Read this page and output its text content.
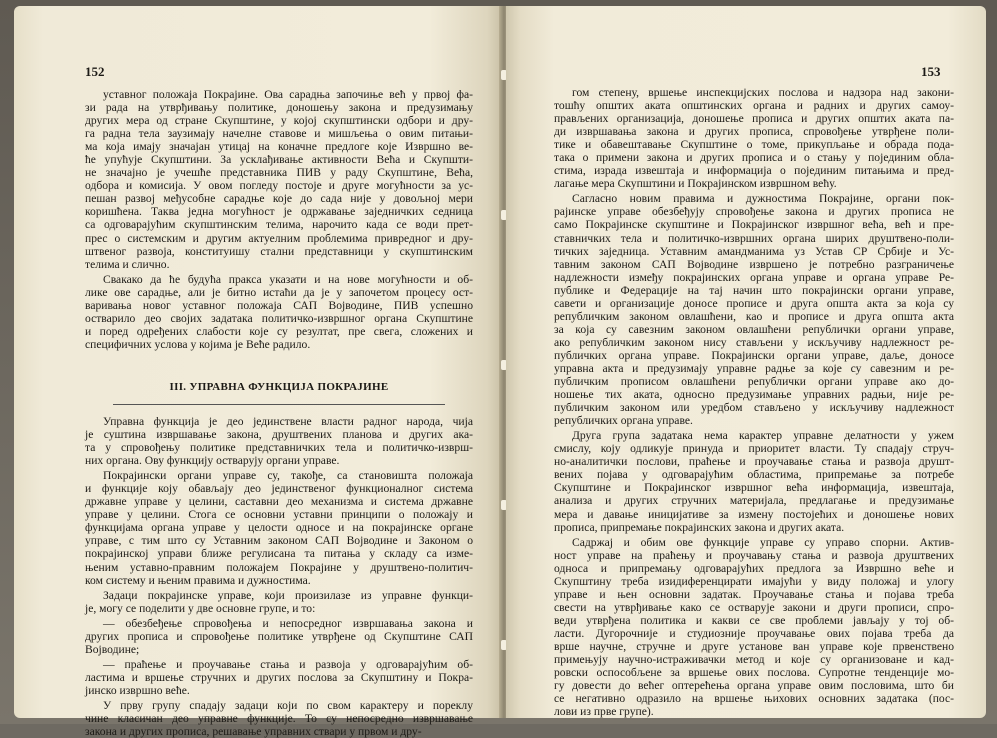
152
уставног положаја Покрајине. Ова сарадња започиње већ у првој фа-
зи рада на утврђивању политике, доношењу закона и предузимању
других мера од стране Скупштине, у којој скупштински одбори и дру-
га радна тела заузимају начелне ставове и мишљења о овим питањи-
ма која имају значајан утицај на коначне предлоге које Извршно ве-
ће упућује Скупштини. За усклађивање активности Већа и Скупшти-
не значајно је учешће представника ПИВ у раду Скупштине, Већа,
одбора и комисија. У овом погледу постоје и друге могућности за ус-
пешан развој међусобне сарадње које до сада није у довољној мери
коришћена. Таква једна могућност је одржавање заједничких седница
са одговарајућим скупштинским телима, нарочито када се води прет-
прес о системским и другим актуелним проблемима привредног и дру-
штвеног развоја, конституишу стални представници у скупштинским
телима и слично.
Свакако да ће будућа пракса указати и на нове могућности и об-
лике ове сарадње, али је битно истаћи да је у започетом процесу ост-
варивања новог уставног положаја САП Војводине, ПИВ успешно
остварило део својих задатака политичко-извршног органа Скупштине
и поред одређених слабости које су резултат, пре свега, сложених и
специфичних услова у којима је Веће радило.
III. УПРАВНА ФУНКЦИЈА ПОКРАЈИНЕ
Управна функција је део јединствене власти радног народа, чија
је суштина извршавање закона, друштвених планова и других ака-
та у спровођењу политике представничких тела и политичко-изврш-
них органа. Ову функцију остварују органи управе.
Покрајински органи управе су, такође, са становишта положаја
и функције коју обављају део јединственог функционалног система
државне управе у целини, саставни део механизма и система државне
управе у целини. Стога се основни уставни принципи о положају и
функцијама органа управе у целости односе и на покрајинске органе
управе, с тим што су Уставним законом САП Војводине и Законом о
покрајинској управи ближе регулисана та питања у складу са изме-
њеним уставно-правним положајем Покрајине у друштвено-политич-
ком систему и њеним правима и дужностима.
Задаци покрајинске управе, који произилазе из управне функци-
је, могу се поделити у две основне групе, и то:
— обезбеђење спровођења и непосредног извршавања закона и
других прописа и спровођење политике утврђене од Скупштине САП
Војводине;
— праћење и проучавање стања и развоја у одговарајућим об-
ластима и вршење стручних и других послова за Скупштину и Покра-
јинско извршно веће.
У прву групу спадају задаци који по свом карактеру и пореклу
чине класичан део управне функције. То су непосредно извршавање
закона и других прописа, решавање управних ствари у првом и дру-
153
гом степену, вршење инспекцијских послова и надзора над закони-
тошћу општих аката општинских органа и радних и других самоу-
прављених организација, доношење прописа и других општих аката па-
ди извршавања закона и других прописа, спровођење утврђене поли-
тике и обавештавање Скупштине о томе, прикупљање и обрада пода-
така о примени закона и других прописа и о стању у појединим обла-
стима, израда извештаја и информација о појединим питањима и пред-
лагање мера Скупштини и Покрајинском извршном већу.
Сагласно новим правима и дужностима Покрајине, органи пок-
рајинске управе обезбеђују спровођење закона и других прописа не
само Покрајинске скупштине и Покрајинског извршног већа, већ и пре-
ставничких тела и политичко-извршних органа ширих друштвено-поли-
тичких заједница. Уставним амандманима уз Устав СР Србије и Ус-
тавним законом САП Војводине извршено је потребно разграничење
надлежности између покрајинских органа управе и органа управе Ре-
публике и Федерације на тај начин што покрајински органи управе,
савети и организације доносе прописе и друга општа акта за која су
републичким законом овлашћени, као и прописе и друга општа акта
за која су савезним законом овлашћени републички органи управе,
ако републичким законом нису стављени у искључиву надлежност ре-
публичких органа управе. Покрајински органи управе, даље, доносе
управна акта и предузимају управне радње за које су савезним и ре-
публичким прописом овлашћени републички органи управе ако до-
ношење тих аката, односно предузимање управних радњи, није ре-
публичким законом или уредбом стављено у искључиву надлежност
републичких органа управе.
Друга група задатака нема карактер управне делатности у ужем
смислу, коју одликује принуда и приоритет власти. Ту спадају струч-
но-аналитички послови, праћење и проучавање стања и развоја друшт-
вених појава у одговарајућим областима, припремање за потребе
Скупштине и Покрајинског извршног већа информација, извештаја,
анализа и других стручних материјала, предлагање и предузимање
мера и давање иницијативе за измену постојећих и доношење нових
прописа, припремање покрајинских закона и других аката.
Садржај и обим ове функције управе су управо спорни. Актив-
ност управе на праћењу и проучавању стања и развоја друштвених
односа и припремању одговарајућих предлога за Извршно веће и
Скупштину треба изидиференцирати имајући у виду положај и улогу
управе и њен основни задатак. Проучавање стања и појава треба
свести на утврђивање како се остварује закони и други прописи, спро-
веди утврђена политика и какви се све проблеми јављају у тој об-
ласти. Дугорочније и студиозније проучавање ових појава треба да
врше научне, стручне и друге установе ван управе које првенствено
примењују научно-истраживачки метод и које су организоване и кад-
ровски оспособљене за вршење ових послова. Супротне тенденције мо-
гу довести до већег оптерећења органа управе овим пословима, што би
се негативно одразило на вршење њихових основних задатака (пос-
лови из прве групе).
